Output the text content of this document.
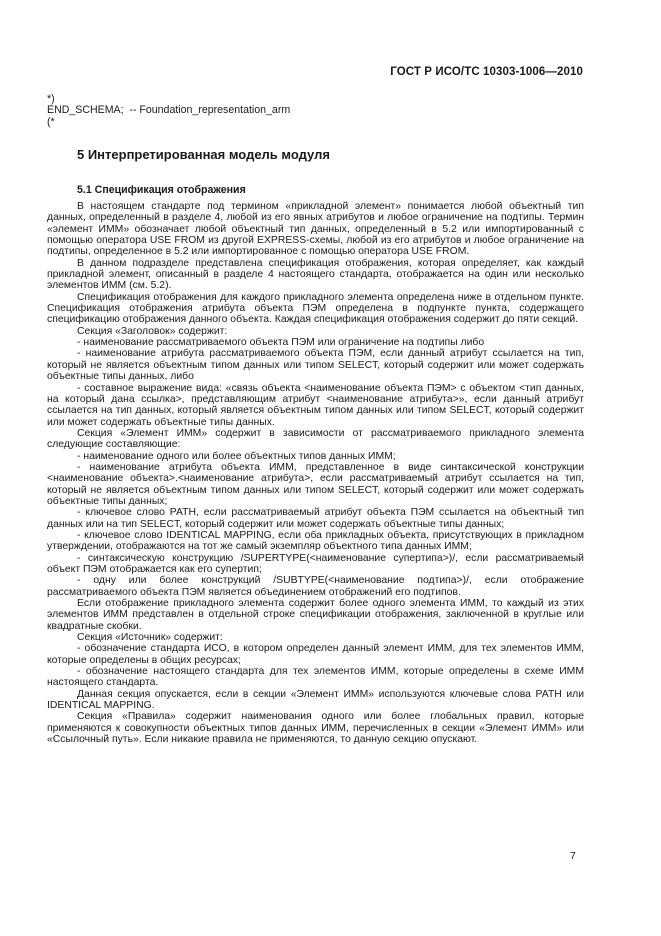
ГОСТ Р ИСО/ТС 10303-1006—2010
*)
END_SCHEMA;  -- Foundation_representation_arm
(*
5 Интерпретированная модель модуля
5.1 Спецификация отображения

В настоящем стандарте под термином «прикладной элемент» понимается любой объектный тип данных, определенный в разделе 4, любой из его явных атрибутов и любое ограничение на подтипы. Термин «элемент ИММ» обозначает любой объектный тип данных, определенный в 5.2 или импортированный с помощью оператора USE FROM из другой EXPRESS-схемы, любой из его атрибутов и любое ограничение на подтипы, определенное в 5.2 или импортированное с помощью оператора USE FROM.

В данном подразделе представлена спецификация отображения, которая определяет, как каждый прикладной элемент, описанный в разделе 4 настоящего стандарта, отображается на один или несколько элементов ИММ (см. 5.2).

Спецификация отображения для каждого прикладного элемента определена ниже в отдельном пункте. Спецификация отображения атрибута объекта ПЭМ определена в подпункте пункта, содержащего спецификацию отображения данного объекта. Каждая спецификация отображения содержит до пяти секций.

Секция «Заголовок» содержит:

- наименование рассматриваемого объекта ПЭМ или ограничение на подтипы либо

- наименование атрибута рассматриваемого объекта ПЭМ, если данный атрибут ссылается на тип, который не является объектным типом данных или типом SELECT, который содержит или может содержать объектные типы данных, либо

- составное выражение вида: «связь объекта <наименование объекта ПЭМ> с объектом <тип данных, на который дана ссылка>, представляющим атрибут <наименование атрибута>», если данный атрибут ссылается на тип данных, который является объектным типом данных или типом SELECT, который содержит или может содержать объектные типы данных.

Секция «Элемент ИММ» содержит в зависимости от рассматриваемого прикладного элемента следующие составляющие:

- наименование одного или более объектных типов данных ИММ;

- наименование атрибута объекта ИММ, представленное в виде синтаксической конструкции <наименование объекта>.<наименование атрибута>, если рассматриваемый атрибут ссылается на тип, который не является объектным типом данных или типом SELECT, который содержит или может содержать объектные типы данных;

- ключевое слово PATH, если рассматриваемый атрибут объекта ПЭМ ссылается на объектный тип данных или на тип SELECT, который содержит или может содержать объектные типы данных;

- ключевое слово IDENTICAL MAPPING, если оба прикладных объекта, присутствующих в прикладном утверждении, отображаются на тот же самый экземпляр объектного типа данных ИММ;

- синтаксическую конструкцию /SUPERTYPE(<наименование супертипа>)/, если рассматриваемый объект ПЭМ отображается как его супертип;

- одну или более конструкций /SUBTYPE(<наименование подтипа>)/, если отображение рассматриваемого объекта ПЭМ является объединением отображений его подтипов.

Если отображение прикладного элемента содержит более одного элемента ИММ, то каждый из этих элементов ИММ представлен в отдельной строке спецификации отображения, заключенной в круглые или квадратные скобки.

Секция «Источник» содержит:

- обозначение стандарта ИСО, в котором определен данный элемент ИММ, для тех элементов ИММ, которые определены в общих ресурсах;

- обозначение настоящего стандарта для тех элементов ИММ, которые определены в схеме ИММ настоящего стандарта.

Данная секция опускается, если в секции «Элемент ИММ» используются ключевые слова PATH или IDENTICAL MAPPING.

Секция «Правила» содержит наименования одного или более глобальных правил, которые применяются к совокупности объектных типов данных ИММ, перечисленных в секции «Элемент ИММ» или «Ссылочный путь». Если никакие правила не применяются, то данную секцию опускают.

7
